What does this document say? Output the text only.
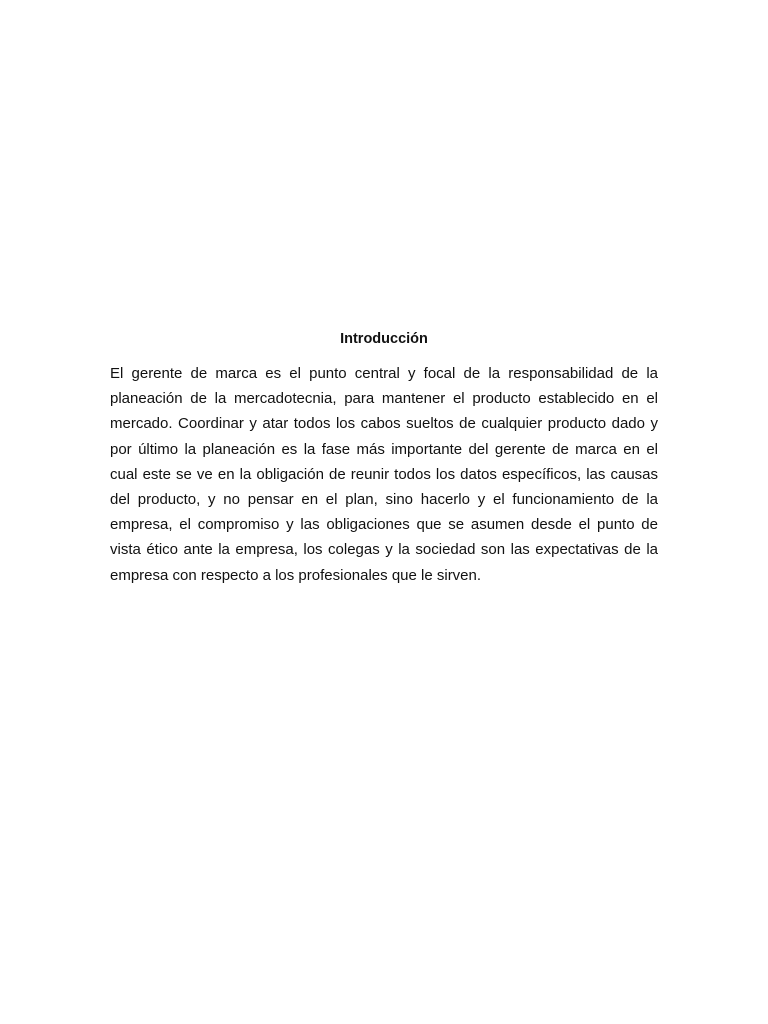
Introducción

El gerente de marca es el punto central y focal de la responsabilidad de la planeación de la mercadotecnia, para mantener el producto establecido en el mercado. Coordinar y atar todos los cabos sueltos de cualquier producto dado y por último la planeación es la fase más importante del gerente de marca en el cual este se ve en la obligación de reunir todos los datos específicos, las causas del producto, y no pensar en el plan, sino hacerlo y el funcionamiento de la empresa, el compromiso y las obligaciones que se asumen desde el punto de vista ético ante la empresa, los colegas y la sociedad son las expectativas de la empresa con respecto a los profesionales que le sirven.
